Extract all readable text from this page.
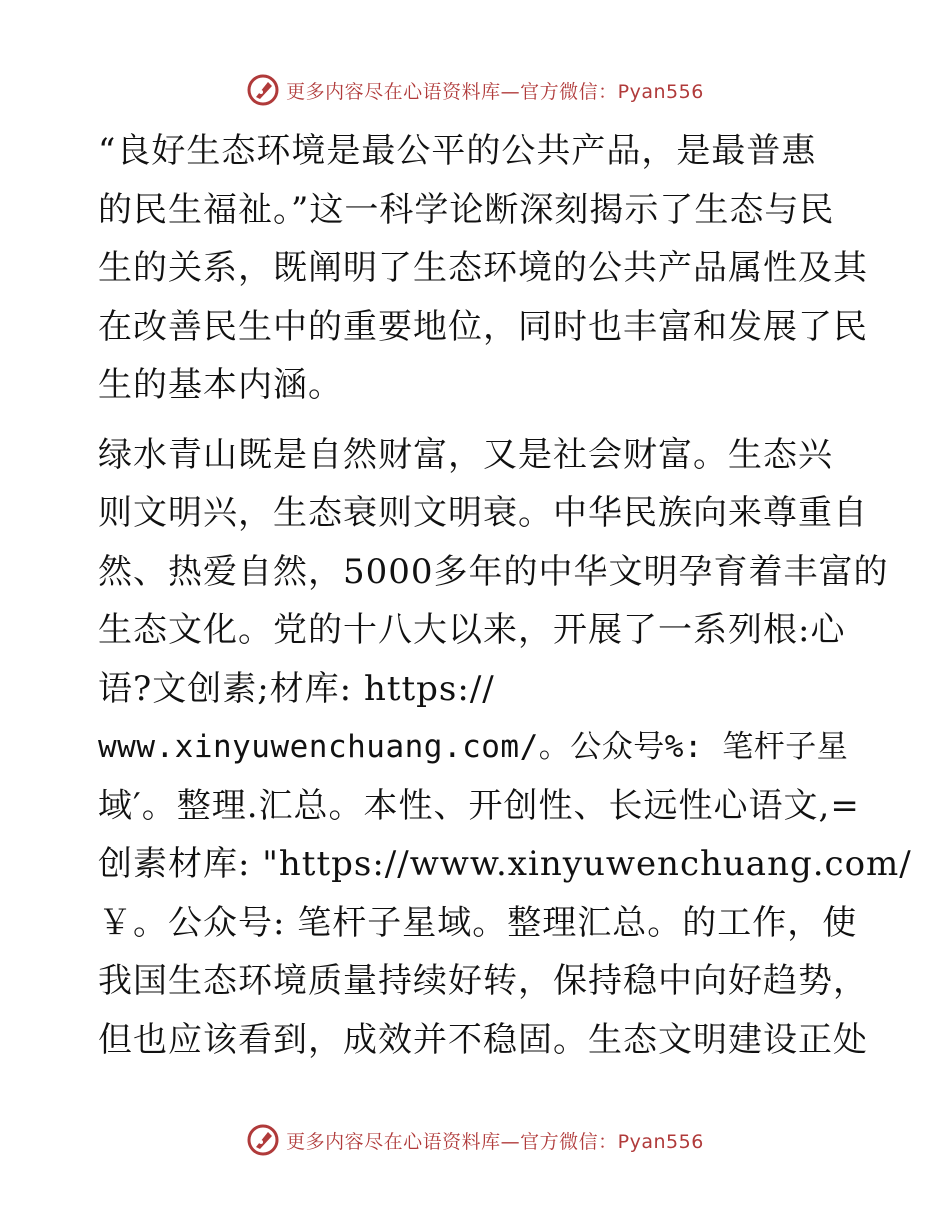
更多内容尽在心语资料库—官方微信：Pyan556
“良好生态环境是最公平的公共产品，是最普惠
的民生福祉。”这一科学论断深刻揭示了生态与民
生的关系，既阐明了生态环境的公共产品属性及其
在改善民生中的重要地位，同时也丰富和发展了民
生的基本内涵。
绿水青山既是自然财富，又是社会财富。生态兴
则文明兴，生态衰则文明衰。中华民族向来尊重自
然、热爱自然，5000多年的中华文明孕育着丰富的
生态文化。党的十八大以来，开展了一系列根:心
语?文创素;材库: https://
www.xinyuwenchuang.com/。公众号%: 笔杆子星
域′。整理.汇总。本性、开创性、长远性心语文,=
创素材库: "https://www.xinyuwenchuang.com/
￥。公众号: 笔杆子星域。整理汇总。的工作，使
我国生态环境质量持续好转，保持稳中向好趋势，
但也应该看到，成效并不稳固。生态文明建设正处
更多内容尽在心语资料库—官方微信：Pyan556
